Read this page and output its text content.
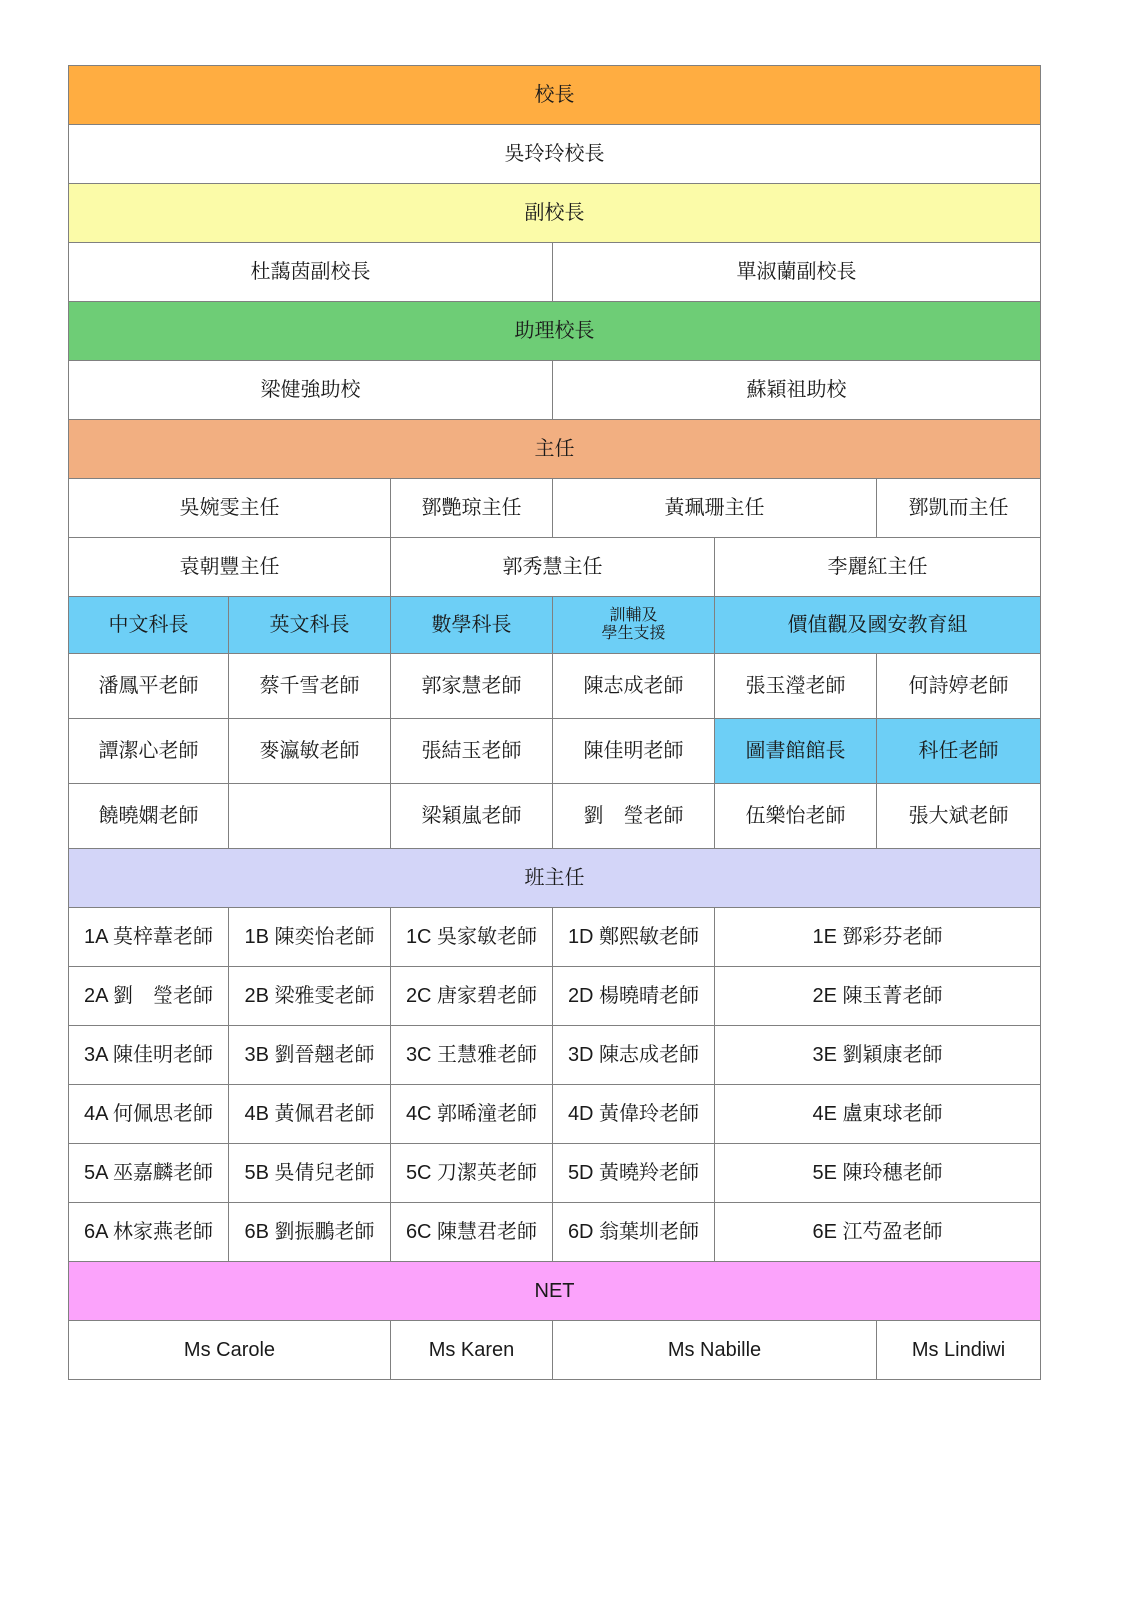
校長					
吳玲玲校長					
副校長					
杜藹茵副校長			單淑蘭副校長		
助理校長					
梁健強助校			蘇穎祖助校		
主任					
吳婉雯主任		鄧艷琼主任	黃珮珊主任		鄧凱而主任
袁朝豐主任		郭秀慧主任		李麗紅主任	
中文科長	英文科長	數學科長	訓輔及
學生支援	價值觀及國安教育組	
潘鳳平老師	蔡千雪老師	郭家慧老師	陳志成老師	張玉瀅老師	何詩婷老師
譚潔心老師	麥瀛敏老師	張結玉老師	陳佳明老師	圖書館館長	科任老師
饒曉嫻老師		梁穎嵐老師	劉　瑩老師	伍樂怡老師	張大斌老師
班主任					
1A 莫梓葦老師	1B 陳奕怡老師	1C 吳家敏老師	1D 鄭熙敏老師	1E 鄧彩芬老師	
2A 劉　瑩老師	2B 梁雅雯老師	2C 唐家碧老師	2D 楊曉晴老師	2E 陳玉菁老師	
3A 陳佳明老師	3B 劉晉翹老師	3C 王慧雅老師	3D 陳志成老師	3E 劉穎康老師	
4A 何佩思老師	4B 黃佩君老師	4C 郭晞潼老師	4D 黃偉玲老師	4E 盧東球老師	
5A 巫嘉麟老師	5B 吳倩兒老師	5C 刀潔英老師	5D 黃曉羚老師	5E 陳玲穗老師	
6A 林家燕老師	6B 劉振鵬老師	6C 陳慧君老師	6D 翁葉圳老師	6E 江芍盈老師	
NET					
Ms Carole		Ms Karen	Ms Nabille		Ms Lindiwi
